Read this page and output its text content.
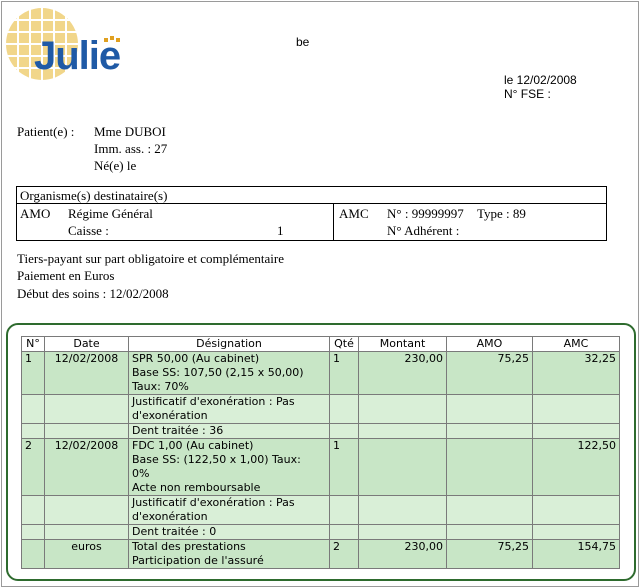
Julie	be
le 12/02/2008
N° FSE :
Patient(e) : Mme DUBOI
Imm. ass. : 27
Né(e) le
Organisme(s) destinataire(s)
AMO Régime Général
Caisse :	1
AMC N° : 99999997 Type : 89
N° Adhérent :
Tiers-payant sur part obligatoire et complémentaire
Paiement en Euros
Début des soins : 12/02/2008
N°	Date	Désignation	Qté	Montant	AMO	AMC
1	12/02/2008	SPR 50,00 (Au cabinet)
Base SS: 107,50 (2,15 x 50,00)
Taux: 70%	1	230,00	75,25	32,25

		Justificatif d'exonération : Pas
d'exonération				

		Dent traitée : 36				
2	12/02/2008	FDC 1,00 (Au cabinet)
Base SS: (122,50 x 1,00) Taux:
0%
Acte non remboursable	1			122,50

		Justificatif d'exonération : Pas
d'exonération				

		Dent traitée : 0				
	euros	Total des prestations
Participation de l'assuré	2	230,00	75,25	154,75
